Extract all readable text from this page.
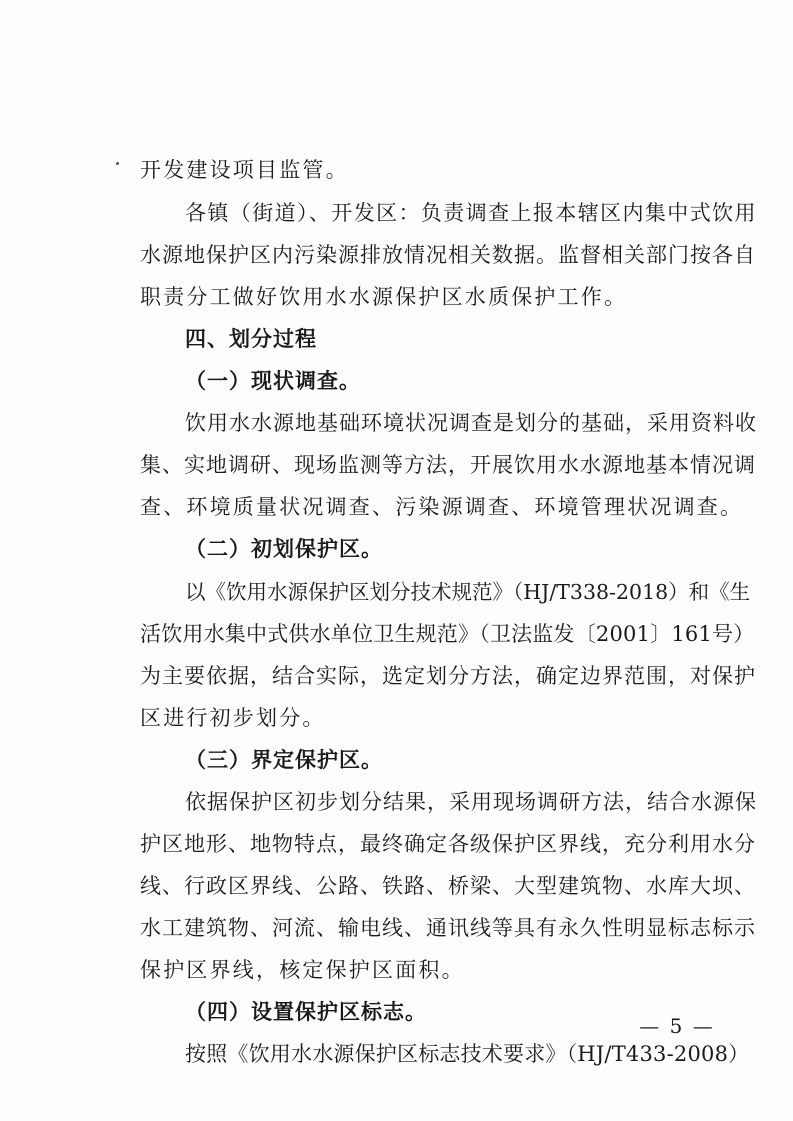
开发建设项目监管。
各镇（街道）、开发区：负责调查上报本辖区内集中式饮用
水源地保护区内污染源排放情况相关数据。监督相关部门按各自
职责分工做好饮用水水源保护区水质保护工作。
四、划分过程
（一）现状调查。
饮用水水源地基础环境状况调查是划分的基础，采用资料收
集、实地调研、现场监测等方法，开展饮用水水源地基本情况调
查、环境质量状况调查、污染源调查、环境管理状况调查。
（二）初划保护区。
以《饮用水源保护区划分技术规范》（HJ/T338-2018）和《生
活饮用水集中式供水单位卫生规范》（卫法监发〔2001〕161号）
为主要依据，结合实际，选定划分方法，确定边界范围，对保护
区进行初步划分。
（三）界定保护区。
依据保护区初步划分结果，采用现场调研方法，结合水源保
护区地形、地物特点，最终确定各级保护区界线，充分利用水分
线、行政区界线、公路、铁路、桥梁、大型建筑物、水库大坝、
水工建筑物、河流、输电线、通讯线等具有永久性明显标志标示
保护区界线，核定保护区面积。
（四）设置保护区标志。
按照《饮用水水源保护区标志技术要求》（HJ/T433-2008）
— 5 —
